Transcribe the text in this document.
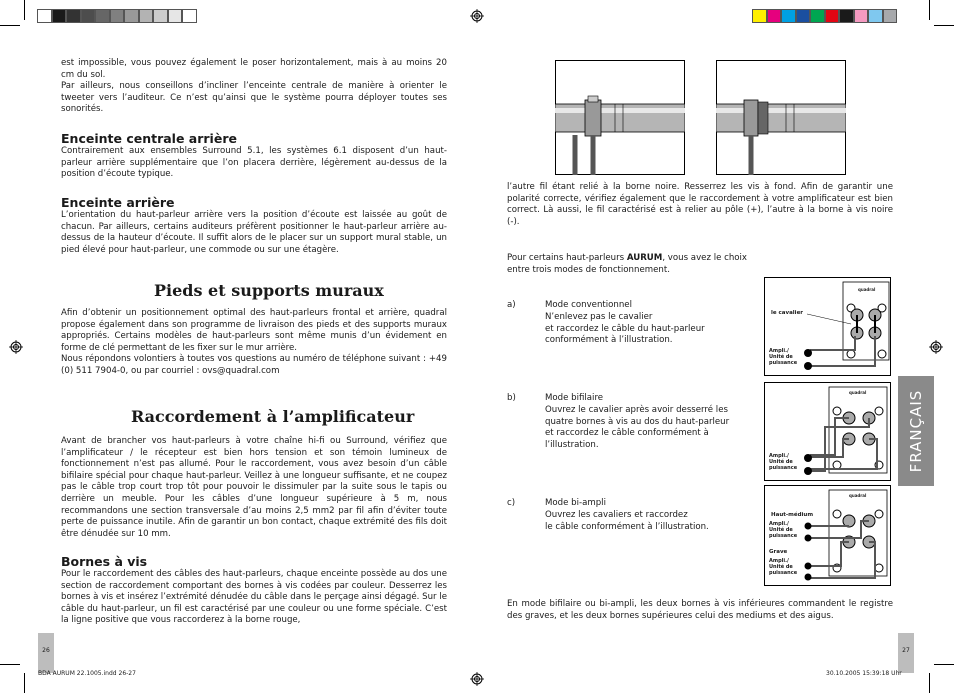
est impossible, vous pouvez également le poser horizontalement, mais à au moins 20 cm du sol.
Par ailleurs, nous conseillons d’incliner l’enceinte centrale de manière à orienter le tweeter vers l’auditeur. Ce n’est qu’ainsi que le système pourra déployer toutes ses sonorités.

Enceinte centrale arrière

Contrairement aux ensembles Surround 5.1, les systèmes 6.1 disposent d’un haut-parleur arrière supplémentaire que l’on placera derrière, légèrement au-dessus de la position d’écoute typique.

Enceinte arrière

L’orientation du haut-parleur arrière vers la position d’écoute est laissée au goût de chacun. Par ailleurs, certains auditeurs préfèrent positionner le haut-parleur arrière au-dessus de la hauteur d’écoute. Il suffit alors de le placer sur un support mural stable, un pied élevé pour haut-parleur, une commode ou sur une étagère.

Pieds et supports muraux

Afin d’obtenir un positionnement optimal des haut-parleurs frontal et arrière, quadral propose également dans son programme de livraison des pieds et des supports muraux appropriés. Certains modèles de haut-parleurs sont même munis d’un évidement en forme de clé permettant de les fixer sur le mur arrière.
Nous répondons volontiers à toutes vos questions au numéro de téléphone suivant : +49 (0) 511 7904-0, ou par courriel : ovs@quadral.com

Raccordement à l’amplificateur

Avant de brancher vos haut-parleurs à votre chaîne hi-fi ou Surround, vérifiez que l’amplificateur / le récepteur est bien hors tension et son témoin lumineux de fonctionnement n’est pas allumé. Pour le raccordement, vous avez besoin d’un câble bifilaire spécial pour chaque haut-parleur. Veillez à une longueur suffisante, et ne coupez pas le câble trop court trop tôt pour pouvoir le dissimuler par la suite sous le tapis ou derrière un meuble. Pour les câbles d’une longueur supérieure à 5 m, nous recommandons une section transversale d’au moins 2,5 mm2 par fil afin d’éviter toute perte de puissance inutile. Afin de garantir un bon contact, chaque extrémité des fils doit être dénudée sur 10 mm.

Bornes à vis

Pour le raccordement des câbles des haut-parleurs, chaque enceinte possède au dos une section de raccordement comportant des bornes à vis codées par couleur. Desserrez les bornes à vis et insérez l’extrémité dénudée du câble dans le perçage ainsi dégagé. Sur le câble du haut-parleur, un fil est caractérisé par une couleur ou une forme spéciale. C’est la ligne positive que vous raccorderez à la borne rouge,

26
BDA AURUM 22.1005.indd 26-27

l’autre fil étant relié à la borne noire. Resserrez les vis à fond. Afin de garantir une polarité correcte, vérifiez également que le raccordement à votre amplificateur est bien correct. Là aussi, le fil caractérisé est à relier au pôle (+), l’autre à la borne à vis noire (-).

Pour certains haut-parleurs AURUM, vous avez le choix
entre trois modes de fonctionnement.

a)	Mode conventionnel
N’enlevez pas le cavalier
et raccordez le câble du haut-parleur
conformément à l’illustration.
b)	Mode bifilaire
Ouvrez le cavalier après avoir desserré les
quatre bornes à vis au dos du haut-parleur
et raccordez le câble conformément à
l’illustration.
c)	Mode bi-ampli
Ouvrez les cavaliers et raccordez
le câble conformément à l’illustration.
quadral
le cavalier
Ampli./
Unité de
puissance
quadral
Ampli./
Unité de
puissance
quadral
Haut-médium
Ampli./
Unité de
puissance
Grave
Ampli./
Unité de
puissance

En mode bifilaire ou bi-ampli, les deux bornes à vis inférieures commandent le registre des graves, et les deux bornes supérieures celui des mediums et des aigus.

FRANÇAIS
27
30.10.2005 15:39:18 Uhr
